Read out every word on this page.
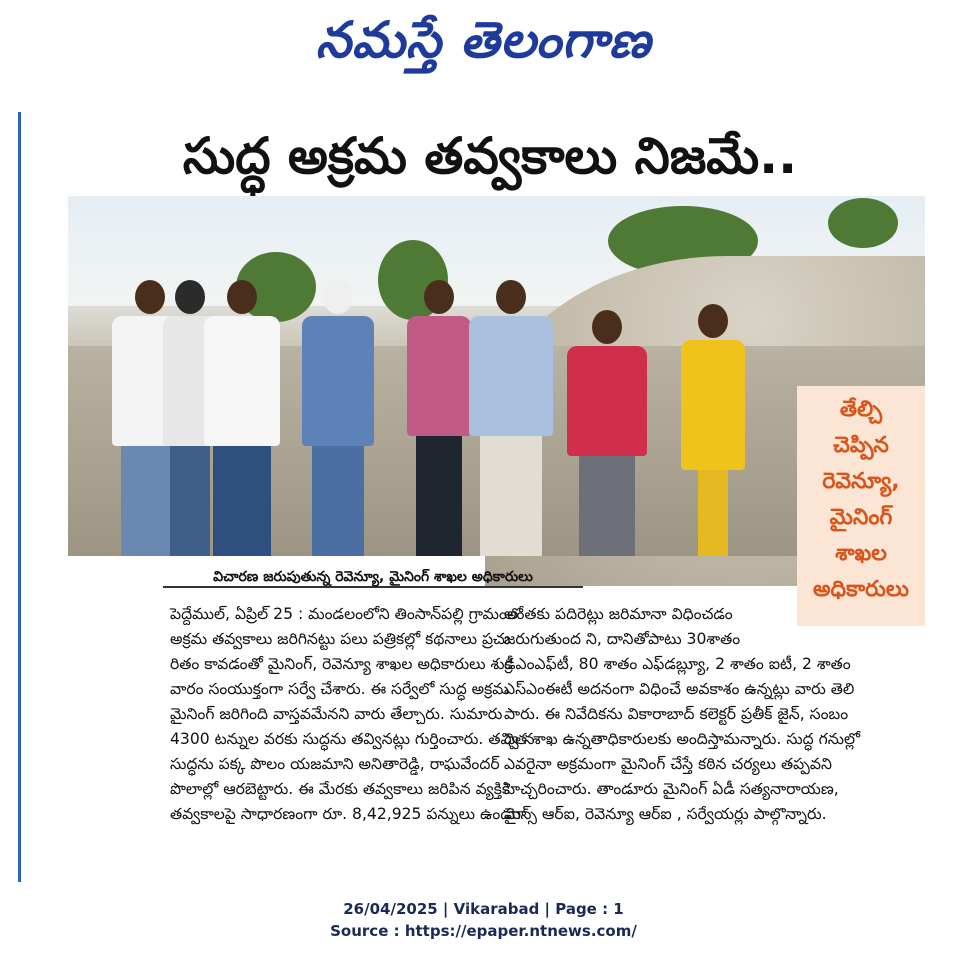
నమస్తే తెలంగాణ
సుద్ధ అక్రమ తవ్వకాలు నిజమే..
తేల్చి
చెప్పిన
రెవెన్యూ,
మైనింగ్
శాఖల
అధికారులు
విచారణ జరుపుతున్న రెవెన్యూ, మైనింగ్ శాఖల అధికారులు
పెద్దేముల్, ఏప్రిల్ 25 : మండలంలోని తింసాన్‌పల్లి గ్రామంలో
అక్రమ తవ్వకాలు జరిగినట్టు పలు పత్రికల్లో కథనాలు ప్రచు
రితం కావడంతో మైనింగ్, రెవెన్యూ శాఖల అధికారులు శుక్ర
వారం సంయుక్తంగా సర్వే చేశారు. ఈ సర్వేలో సుద్ధ అక్రమ
మైనింగ్ జరిగింది వాస్తవమేనని వారు తేల్చారు. సుమారు
4300 టన్నుల వరకు సుద్ధను తవ్వినట్లు గుర్తించారు. తవ్వి న
సుద్ధను పక్క పొలం యజమాని అనితారెడ్డి, రాఘవేందర్
పొలాల్లో ఆరబెట్టారు. ఈ మేరకు తవ్వకాలు జరిపిన వ్యక్తికి
తవ్వకాలపై సాధారణంగా రూ. 8,42,925 పన్నులు ఉండగా
అంతకు పదిరెట్లు జరిమానా విధించడం
జరుగుతుంద ని, దానితోపాటు 30శాతం
డీఎంఎఫ్‌టీ, 80 శాతం ఎఫ్‌డబ్ల్యూ, 2 శాతం ఐటీ, 2 శాతం
ఎస్‌ఎంఈటీ అదనంగా విధించే అవకాశం ఉన్నట్లు వారు తెలి
పారు. ఈ నివేదికను వికారాబాద్ కలెక్టర్ ప్రతీక్ జైన్, సంబం
ధిత శాఖ ఉన్నతాధికారులకు అందిస్తామన్నారు. సుద్ధ గనుల్లో
ఎవరైనా అక్రమంగా మైనింగ్ చేస్తే కఠిన చర్యలు తప్పవని
హెచ్చరించారు. తాండూరు మైనింగ్ ఏడీ సత్యనారాయణ,
మైన్స్ ఆర్‌ఐ, రెవెన్యూ ఆర్‌ఐ , సర్వేయర్లు పాల్గొన్నారు.
26/04/2025 | Vikarabad | Page : 1
Source : https://epaper.ntnews.com/
